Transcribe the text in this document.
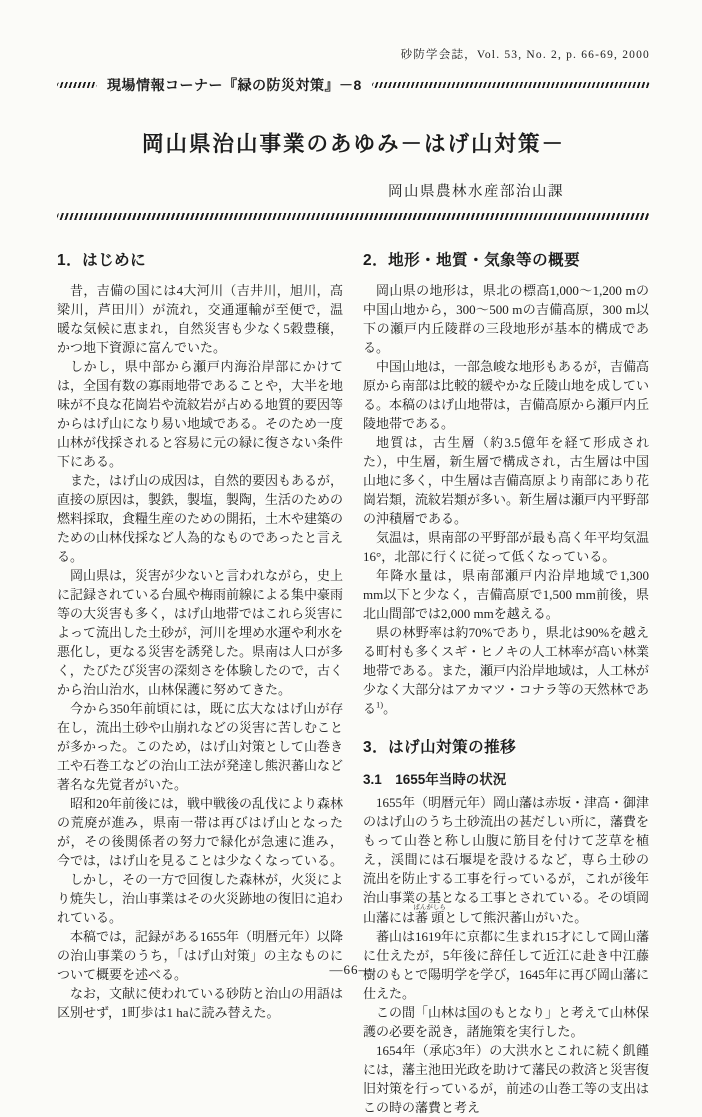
砂防学会誌，Vol. 53, No. 2, p. 66-69, 2000
現場情報コーナー『緑の防災対策』－8
岡山県治山事業のあゆみ－はげ山対策－
岡山県農林水産部治山課
1．はじめに

昔，吉備の国には4大河川（吉井川，旭川，高梁川，芦田川）が流れ，交通運輸が至便で，温暖な気候に恵まれ，自然災害も少なく5穀豊穣，かつ地下資源に富んでいた。

しかし，県中部から瀬戸内海沿岸部にかけては，全国有数の寡雨地帯であることや，大半を地味が不良な花崗岩や流紋岩が占める地質的要因等からはげ山になり易い地域である。そのため一度山林が伐採されると容易に元の緑に復さない条件下にある。

また，はげ山の成因は，自然的要因もあるが，直接の原因は，製鉄，製塩，製陶，生活のための燃料採取，食糧生産のための開拓，土木や建築のための山林伐採など人為的なものであったと言える。

岡山県は，災害が少ないと言われながら，史上に記録されている台風や梅雨前線による集中豪雨等の大災害も多く，はげ山地帯ではこれら災害によって流出した土砂が，河川を埋め水運や利水を悪化し，更なる災害を誘発した。県南は人口が多く，たびたび災害の深刻さを体験したので，古くから治山治水，山林保護に努めてきた。

今から350年前頃には，既に広大なはげ山が存在し，流出土砂や山崩れなどの災害に苦しむことが多かった。このため，はげ山対策として山巻き工や石巻工などの治山工法が発達し熊沢蕃山など著名な先覚者がいた。

昭和20年前後には，戦中戦後の乱伐により森林の荒廃が進み，県南一帯は再びはげ山となったが，その後関係者の努力で緑化が急速に進み，今では，はげ山を見ることは少なくなっている。

しかし，その一方で回復した森林が，火災により焼失し，治山事業はその火災跡地の復旧に追われている。

本稿では，記録がある1655年（明暦元年）以降の治山事業のうち，「はげ山対策」の主なものについて概要を述べる。

なお，文献に使われている砂防と治山の用語は区別せず，1町歩は1 haに読み替えた。

2．地形・地質・気象等の概要

岡山県の地形は，県北の標高1,000～1,200 mの中国山地から，300～500 mの吉備高原，300 m以下の瀬戸内丘陵群の三段地形が基本的構成である。

中国山地は，一部急峻な地形もあるが，吉備高原から南部は比較的緩やかな丘陵山地を成している。本稿のはげ山地帯は，吉備高原から瀬戸内丘陵地帯である。

地質は，古生層（約3.5億年を経て形成された），中生層，新生層で構成され，古生層は中国山地に多く，中生層は吉備高原より南部にあり花崗岩類，流紋岩類が多い。新生層は瀬戸内平野部の沖積層である。

気温は，県南部の平野部が最も高く年平均気温16°，北部に行くに従って低くなっている。

年降水量は，県南部瀬戸内沿岸地域で1,300 mm以下と少なく，吉備高原で1,500 mm前後，県北山間部では2,000 mmを越える。

県の林野率は約70%であり，県北は90%を越える町村も多くスギ・ヒノキの人工林率が高い林業地帯である。また，瀬戸内沿岸地域は，人工林が少なく大部分はアカマツ・コナラ等の天然林である$^{1)}$。

3．はげ山対策の推移
3.1　1655年当時の状況

1655年（明暦元年）岡山藩は赤坂・津高・御津のはげ山のうち土砂流出の甚だしい所に，藩費をもって山巻と称し山腹に筋目を付けて芝草を植え，渓間には石堰堤を設けるなど，専ら土砂の流出を防止する工事を行っているが，これが後年治山事業の基となる工事とされている。その頃岡山藩には蕃頭ばんがしらとして熊沢蕃山がいた。

蕃山は1619年に京都に生まれ15才にして岡山藩に仕えたが，5年後に辞任して近江に赴き中江藤樹のもとで陽明学を学び，1645年に再び岡山藩に仕えた。

この間「山林は国のもとなり」と考えて山林保護の必要を説き，諸施策を実行した。

1654年（承応3年）の大洪水とこれに続く飢饉には，藩主池田光政を助けて藩民の救済と災害復旧対策を行っているが，前述の山巻工等の支出はこの時の藩費と考え

—66—
